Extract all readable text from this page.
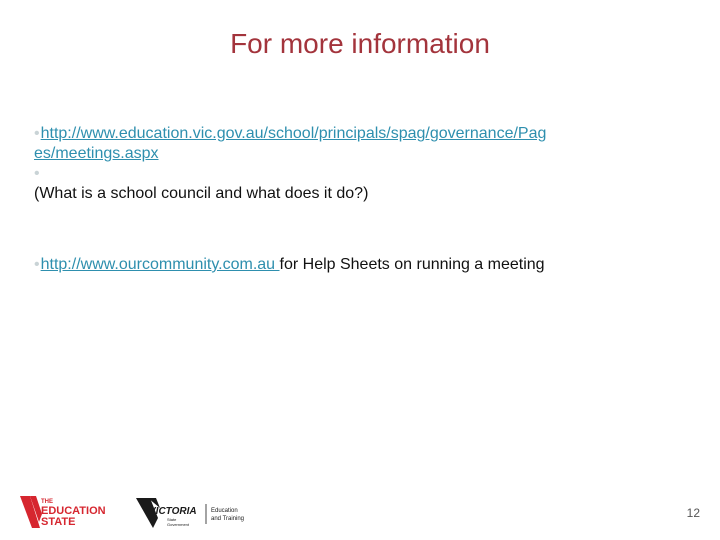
For more information
•http://www.education.vic.gov.au/school/principals/spag/governance/Pag
es/meetings.aspx
•
(What is a school council and what does it do?)
•http://www.ourcommunity.com.au for Help Sheets on running a meeting
THE
EDUCATION
STATE
VICTORIA
State
Government
Education
and Training	12
